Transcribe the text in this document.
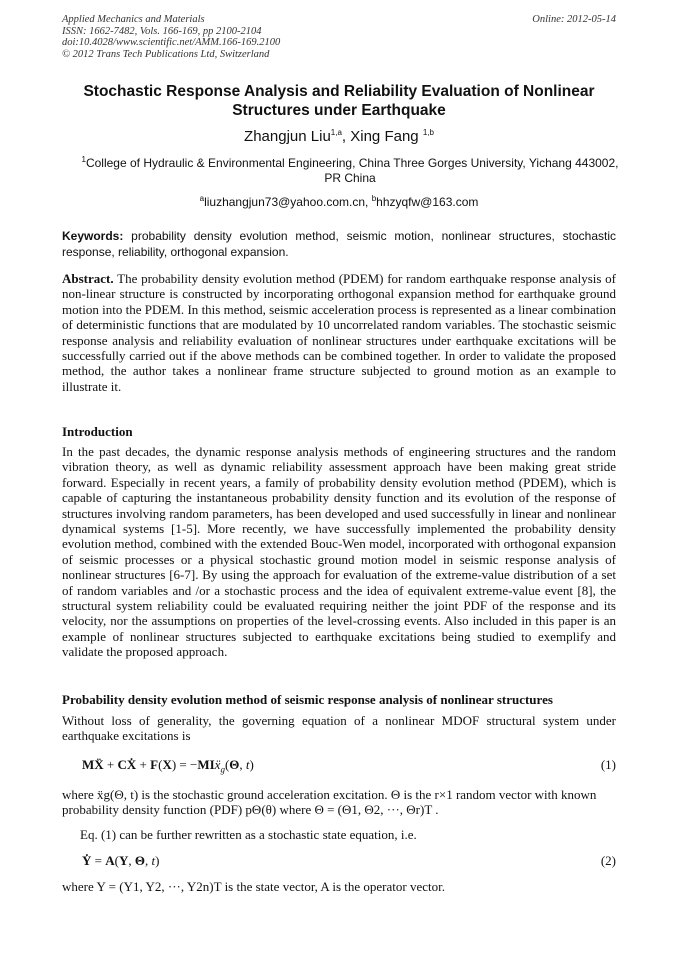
Applied Mechanics and Materials
ISSN: 1662-7482, Vols. 166-169, pp 2100-2104
doi:10.4028/www.scientific.net/AMM.166-169.2100
© 2012 Trans Tech Publications Ltd, Switzerland
Online: 2012-05-14
Stochastic Response Analysis and Reliability Evaluation of Nonlinear Structures under Earthquake
Zhangjun Liu$^{1,a}$, Xing Fang $^{1,b}$
$^1$College of Hydraulic & Environmental Engineering, China Three Gorges University, Yichang 443002, PR China
$^a$liuzhangjun73@yahoo.com.cn, $^b$hhzyqfw@163.com
Keywords: probability density evolution method, seismic motion, nonlinear structures, stochastic response, reliability, orthogonal expansion.
Abstract. The probability density evolution method (PDEM) for random earthquake response analysis of non-linear structure is constructed by incorporating orthogonal expansion method for earthquake ground motion into the PDEM. In this method, seismic acceleration process is represented as a linear combination of deterministic functions that are modulated by 10 uncorrelated random variables. The stochastic seismic response analysis and reliability evaluation of nonlinear structures under earthquake excitations will be successfully carried out if the above methods can be combined together. In order to validate the proposed method, the author takes a nonlinear frame structure subjected to ground motion as an example to illustrate it.
Introduction
In the past decades, the dynamic response analysis methods of engineering structures and the random vibration theory, as well as dynamic reliability assessment approach have been making great stride forward. Especially in recent years, a family of probability density evolution method (PDEM), which is capable of capturing the instantaneous probability density function and its evolution of the response of structures involving random parameters, has been developed and used successfully in linear and nonlinear dynamical systems [1-5]. More recently, we have successfully implemented the probability density evolution method, combined with the extended Bouc-Wen model, incorporated with orthogonal expansion of seismic processes or a physical stochastic ground motion model in seismic response analysis of nonlinear structures [6-7]. By using the approach for evaluation of the extreme-value distribution of a set of random variables and /or a stochastic process and the idea of equivalent extreme-value event [8], the structural system reliability could be evaluated requiring neither the joint PDF of the response and its velocity, nor the assumptions on properties of the level-crossing events. Also included in this paper is an example of nonlinear structures subjected to earthquake excitations being studied to exemplify and validate the proposed approach.
Probability density evolution method of seismic response analysis of nonlinear structures
Without loss of generality, the governing equation of a nonlinear MDOF structural system under earthquake excitations is
MẌ + CẊ + F(X) = −MIẍ$_g$(Θ, t)	(1)
where ẍg(Θ, t) is the stochastic ground acceleration excitation. Θ is the r×1 random vector with known probability density function (PDF) pΘ(θ) where Θ = (Θ1, Θ2, ···, Θr)T .
Eq. (1) can be further rewritten as a stochastic state equation, i.e.
Ẏ = A(Y, Θ, t)	(2)
where Y = (Y1, Y2, ···, Y2n)T is the state vector, A is the operator vector.
